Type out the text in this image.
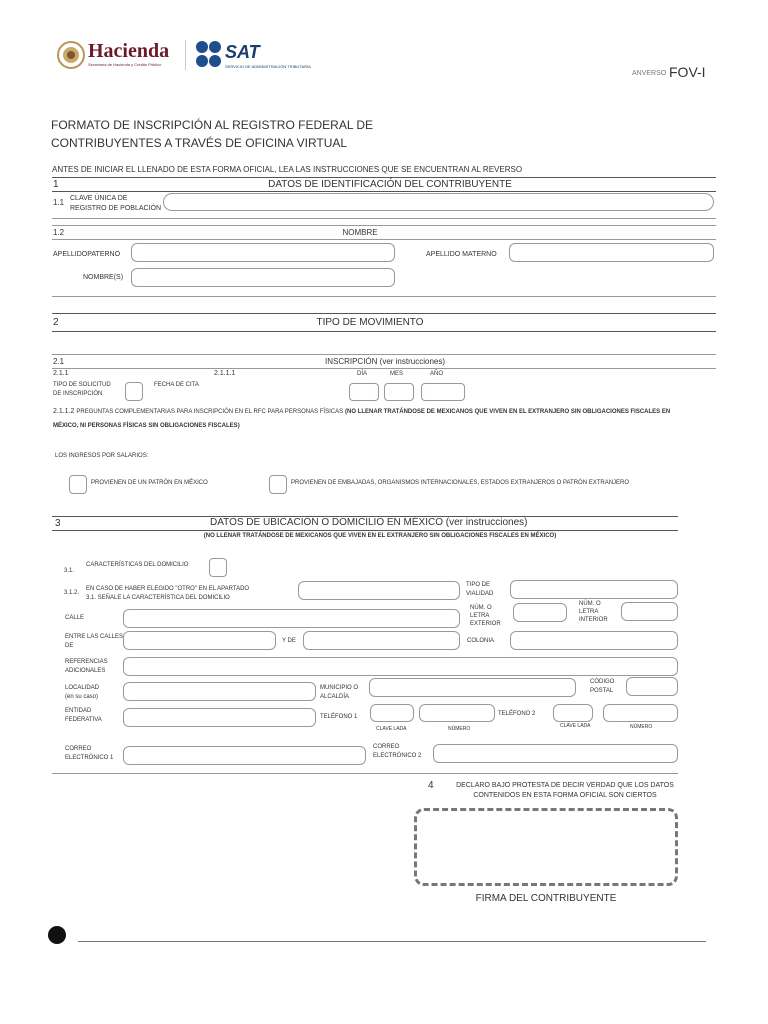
Hacienda
Secretaría de Hacienda y Crédito Público
SAT
SERVICIO DE ADMINISTRACIÓN TRIBUTARIA
ANVERSO FOV-I
FORMATO DE INSCRIPCIÓN AL REGISTRO FEDERAL DE
CONTRIBUYENTES A TRAVÉS DE OFICINA VIRTUAL
ANTES DE INICIAR EL LLENADO DE ESTA FORMA OFICIAL, LEA LAS INSTRUCCIONES QUE SE ENCUENTRAN AL REVERSO
1	DATOS DE IDENTIFICACIÓN DEL CONTRIBUYENTE
1.1 CLAVE ÚNICA DE
REGISTRO DE POBLACIÓN
1.2	NOMBRE
APELLIDOPATERNO	APELLIDO MATERNO
NOMBRE(S)
2	TIPO DE MOVIMIENTO
2.1	INSCRIPCIÓN (ver instrucciones)
2.1.1	2.1.1.1	DÍA	MES	AÑO
TIPO DE SOLICITUD
DE INSCRIPCIÓN
FECHA DE CITA
2.1.1.2 PREGUNTAS COMPLEMENTARIAS PARA INSCRIPCIÓN EN EL RFC PARA PERSONAS FÍSICAS (NO LLENAR TRATÁNDOSE DE MEXICANOS QUE VIVEN EN EL EXTRANJERO SIN OBLIGACIONES FISCALES EN
MÉXICO, NI PERSONAS FÍSICAS SIN OBLIGACIONES FISCALES)
LOS INGRESOS POR SALARIOS:
PROVIENEN DE UN PATRÓN EN MÉXICO	PROVIENEN DE EMBAJADAS, ORGANISMOS INTERNACIONALES, ESTADOS EXTRANJEROS O PATRÓN EXTRANJERO
3	DATOS DE UBICACIÓN O DOMICILIO EN MÉXICO (ver instrucciones)
(NO LLENAR TRATÁNDOSE DE MEXICANOS QUE VIVEN EN EL EXTRANJERO SIN OBLIGACIONES FISCALES EN MÉXICO)
3.1.
CARACTERÍSTICAS DEL DOMICILIO
3.1.2.
EN CASO DE HABER ELEGIDO "OTRO" EN EL APARTADO
3.1. SEÑALE LA CARACTERÍSTICA DEL DOMICILIO
TIPO DE
VIALIDAD
CALLE
NÚM. O
LETRA
EXTERIOR
NÚM. O
LETRA
INTERIOR
ENTRE LAS CALLES
DE
Y DE	COLONIA
REFERENCIAS
ADICIONALES
LOCALIDAD
(en su caso)
MUNICIPIO O
ALCALDÍA
CÓDIGO
POSTAL
ENTIDAD
FEDERATIVA	TELÉFONO 1
CLAVE LADA	NÚMERO
TELÉFONO 2
CLAVE LADA	NÚMERO
CORREO
ELECTRÓNICO 1
CORREO
ELECTRÓNICO 2
4	DECLARO BAJO PROTESTA DE DECIR VERDAD QUE LOS DATOS
CONTENIDOS EN ESTA FORMA OFICIAL SON CIERTOS
FIRMA DEL CONTRIBUYENTE
